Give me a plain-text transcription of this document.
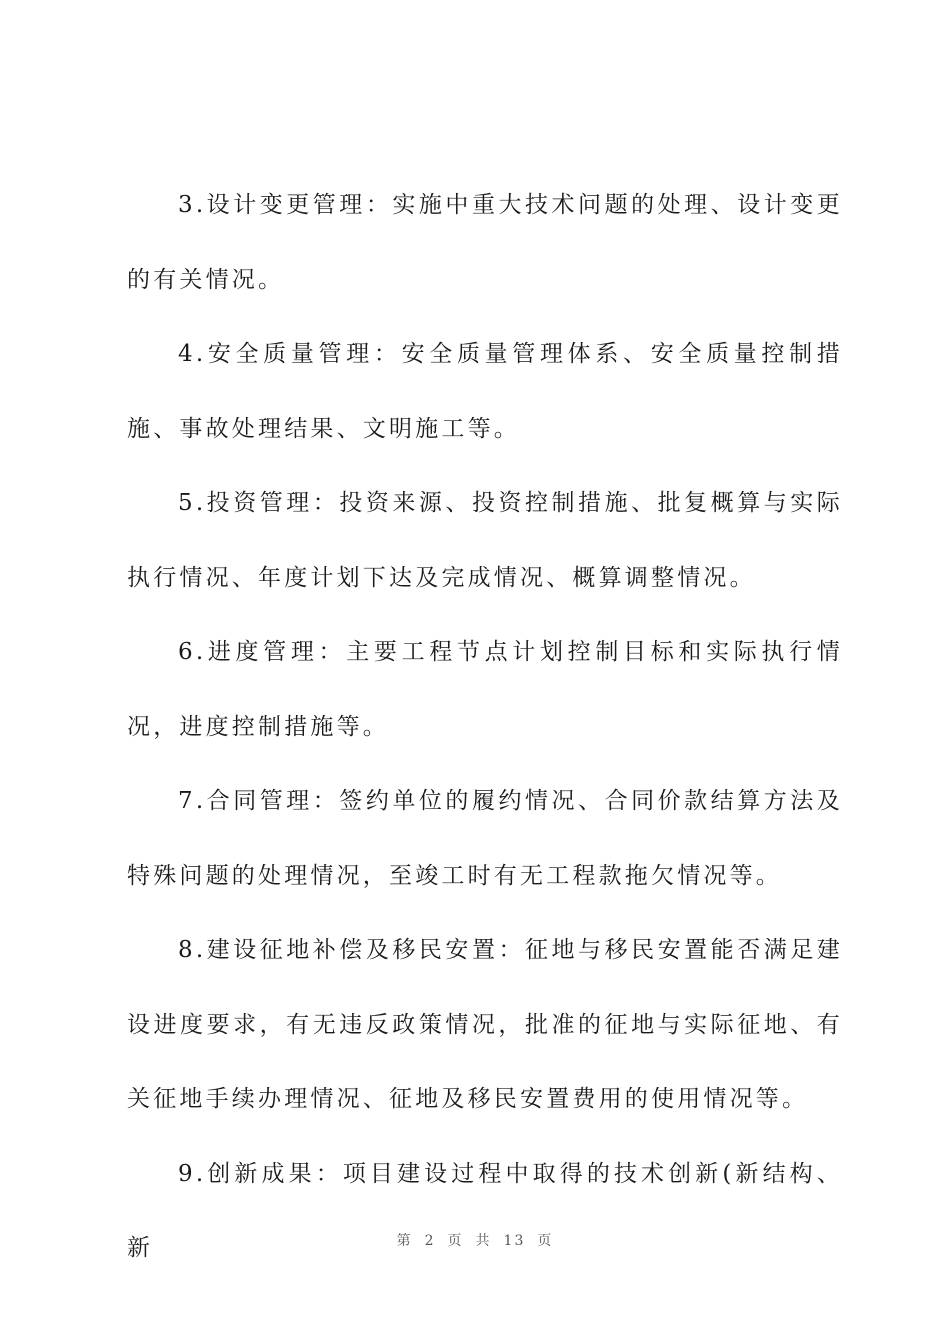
3.设计变更管理：实施中重大技术问题的处理、设计变更的有关情况。

4.安全质量管理：安全质量管理体系、安全质量控制措施、事故处理结果、文明施工等。

5.投资管理：投资来源、投资控制措施、批复概算与实际执行情况、年度计划下达及完成情况、概算调整情况。

6.进度管理：主要工程节点计划控制目标和实际执行情况，进度控制措施等。

7.合同管理：签约单位的履约情况、合同价款结算方法及特殊问题的处理情况，至竣工时有无工程款拖欠情况等。

8.建设征地补偿及移民安置：征地与移民安置能否满足建设进度要求，有无违反政策情况，批准的征地与实际征地、有关征地手续办理情况、征地及移民安置费用的使用情况等。

9.创新成果：项目建设过程中取得的技术创新(新结构、新	第 2 页 共 13 页
